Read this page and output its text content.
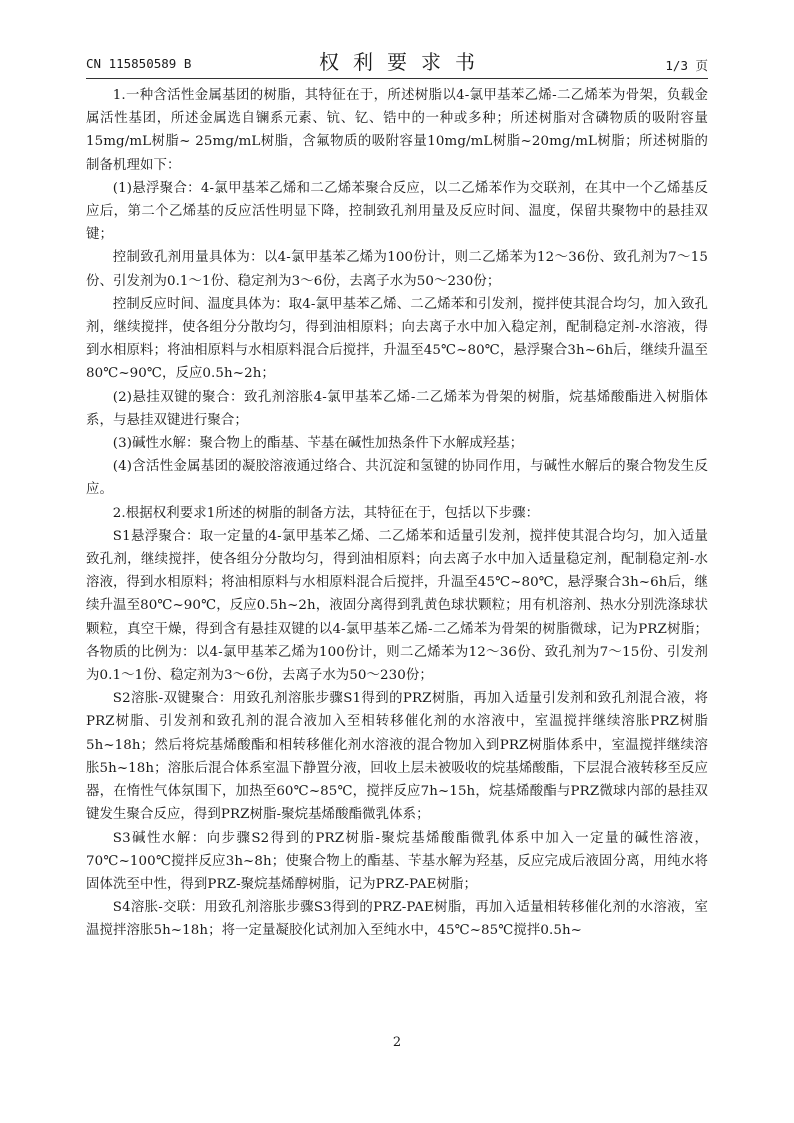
CN 115850589 B	权利要求书	1/3 页

1.一种含活性金属基团的树脂，其特征在于，所述树脂以4-氯甲基苯乙烯-二乙烯苯为骨架，负载金属活性基团，所述金属选自镧系元素、钪、钇、锆中的一种或多种；所述树脂对含磷物质的吸附容量15mg/mL树脂~ 25mg/mL树脂，含氟物质的吸附容量10mg/mL树脂~20mg/mL树脂；所述树脂的制备机理如下：

(1)悬浮聚合：4-氯甲基苯乙烯和二乙烯苯聚合反应，以二乙烯苯作为交联剂，在其中一个乙烯基反应后，第二个乙烯基的反应活性明显下降，控制致孔剂用量及反应时间、温度，保留共聚物中的悬挂双键；

控制致孔剂用量具体为：以4-氯甲基苯乙烯为100份计，则二乙烯苯为12～36份、致孔剂为7～15份、引发剂为0.1～1份、稳定剂为3～6份，去离子水为50～230份；

控制反应时间、温度具体为：取4-氯甲基苯乙烯、二乙烯苯和引发剂，搅拌使其混合均匀，加入致孔剂，继续搅拌，使各组分分散均匀，得到油相原料；向去离子水中加入稳定剂，配制稳定剂-水溶液，得到水相原料；将油相原料与水相原料混合后搅拌，升温至45℃~80℃，悬浮聚合3h~6h后，继续升温至80℃~90℃，反应0.5h~2h；

(2)悬挂双键的聚合：致孔剂溶胀4-氯甲基苯乙烯-二乙烯苯为骨架的树脂，烷基烯酸酯进入树脂体系，与悬挂双键进行聚合；

(3)碱性水解：聚合物上的酯基、苄基在碱性加热条件下水解成羟基；

(4)含活性金属基团的凝胶溶液通过络合、共沉淀和氢键的协同作用，与碱性水解后的聚合物发生反应。

2.根据权利要求1所述的树脂的制备方法，其特征在于，包括以下步骤：

S1悬浮聚合：取一定量的4-氯甲基苯乙烯、二乙烯苯和适量引发剂，搅拌使其混合均匀，加入适量致孔剂，继续搅拌，使各组分分散均匀，得到油相原料；向去离子水中加入适量稳定剂，配制稳定剂-水溶液，得到水相原料；将油相原料与水相原料混合后搅拌，升温至45℃~80℃，悬浮聚合3h~6h后，继续升温至80℃~90℃，反应0.5h~2h，液固分离得到乳黄色球状颗粒；用有机溶剂、热水分别洗涤球状颗粒，真空干燥，得到含有悬挂双键的以4-氯甲基苯乙烯-二乙烯苯为骨架的树脂微球，记为PRZ树脂；各物质的比例为：以4-氯甲基苯乙烯为100份计，则二乙烯苯为12～36份、致孔剂为7～15份、引发剂为0.1～1份、稳定剂为3～6份，去离子水为50～230份；

S2溶胀-双键聚合：用致孔剂溶胀步骤S1得到的PRZ树脂，再加入适量引发剂和致孔剂混合液，将PRZ树脂、引发剂和致孔剂的混合液加入至相转移催化剂的水溶液中，室温搅拌继续溶胀PRZ树脂5h~18h；然后将烷基烯酸酯和相转移催化剂水溶液的混合物加入到PRZ树脂体系中，室温搅拌继续溶胀5h~18h；溶胀后混合体系室温下静置分液，回收上层未被吸收的烷基烯酸酯，下层混合液转移至反应器，在惰性气体氛围下，加热至60℃~85℃，搅拌反应7h~15h，烷基烯酸酯与PRZ微球内部的悬挂双键发生聚合反应，得到PRZ树脂-聚烷基烯酸酯微乳体系；

S3碱性水解：向步骤S2得到的PRZ树脂-聚烷基烯酸酯微乳体系中加入一定量的碱性溶液，70℃~100℃搅拌反应3h~8h；使聚合物上的酯基、苄基水解为羟基，反应完成后液固分离，用纯水将固体洗至中性，得到PRZ-聚烷基烯醇树脂，记为PRZ-PAE树脂；

S4溶胀-交联：用致孔剂溶胀步骤S3得到的PRZ-PAE树脂，再加入适量相转移催化剂的水溶液，室温搅拌溶胀5h~18h；将一定量凝胶化试剂加入至纯水中，45℃~85℃搅拌0.5h~

2
